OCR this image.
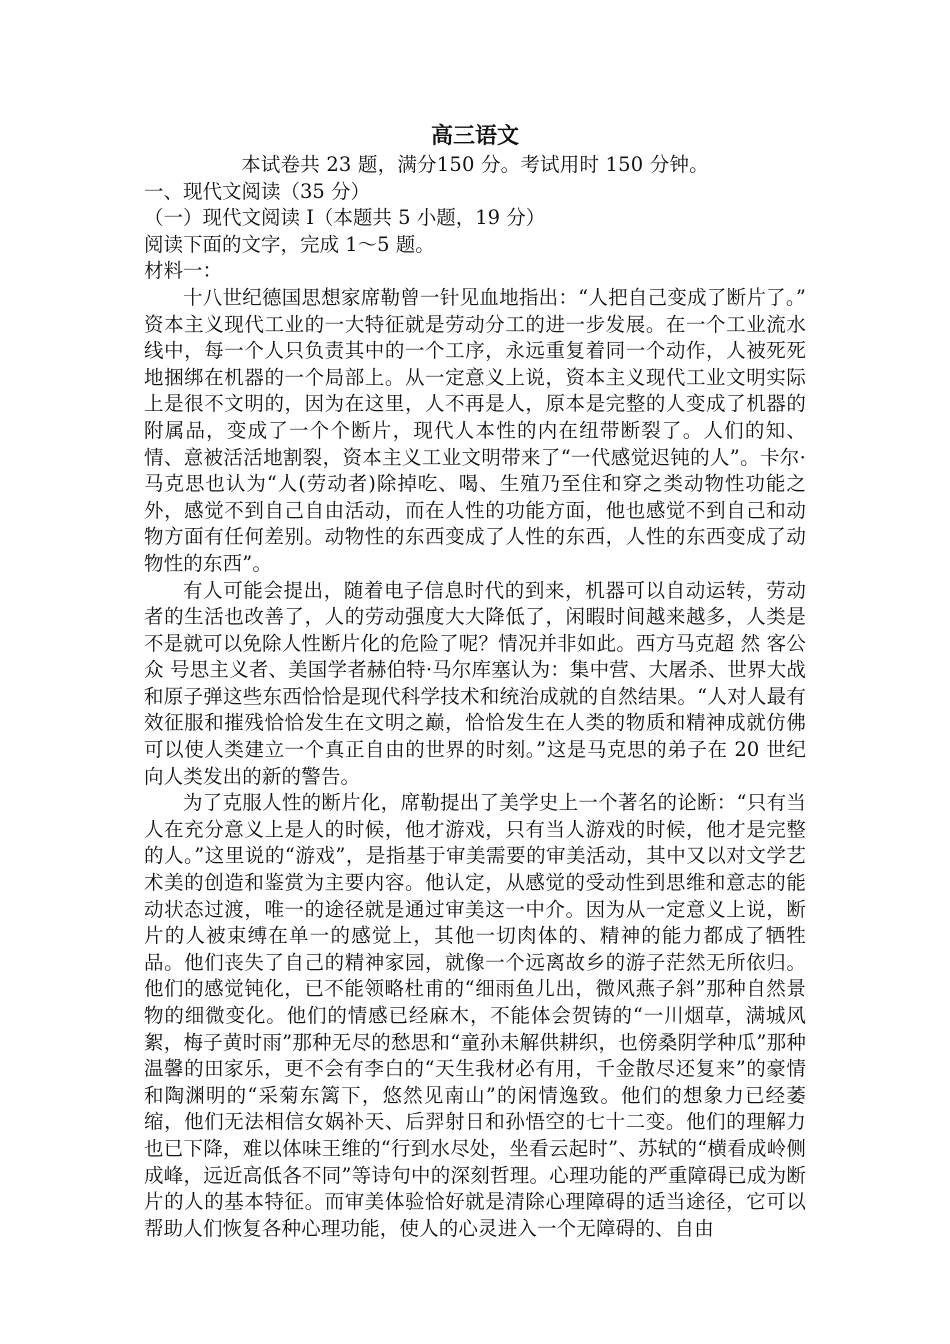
高三语文

本试卷共 23 题，满分150 分。考试用时 150 分钟。

一、现代文阅读（35 分）

（一）现代文阅读 I（本题共 5 小题，19 分）

阅读下面的文字，完成 1～5 题。

材料一：

十八世纪德国思想家席勒曾一针见血地指出：“人把自己变成了断片了。” 资本主义现代工业的一大特征就是劳动分工的进一步发展。在一个工业流水线中，每一个人只负责其中的一个工序，永远重复着同一个动作，人被死死地捆绑在机器的一个局部上。从一定意义上说，资本主义现代工业文明实际上是很不文明的，因为在这里，人不再是人，原本是完整的人变成了机器的附属品，变成了一个个断片，现代人本性的内在纽带断裂了。人们的知、情、意被活活地割裂，资本主义工业文明带来了“一代感觉迟钝的人”。卡尔·马克思也认为“人(劳动者)除掉吃、喝、生殖乃至住和穿之类动物性功能之外，感觉不到自己自由活动，而在人性的功能方面，他也感觉不到自己和动物方面有任何差别。动物性的东西变成了人性的东西，人性的东西变成了动物性的东西”。

有人可能会提出，随着电子信息时代的到来，机器可以自动运转，劳动者的生活也改善了，人的劳动强度大大降低了，闲暇时间越来越多，人类是不是就可以免除人性断片化的危险了呢？情况并非如此。西方马克超 然 客公 众 号思主义者、美国学者赫伯特·马尔库塞认为：集中营、大屠杀、世界大战和原子弹这些东西恰恰是现代科学技术和统治成就的自然结果。“人对人最有效征服和摧残恰恰发生在文明之巅，恰恰发生在人类的物质和精神成就仿佛可以使人类建立一个真正自由的世界的时刻。”这是马克思的弟子在 20 世纪向人类发出的新的警告。

为了克服人性的断片化，席勒提出了美学史上一个著名的论断：“只有当人在充分意义上是人的时候，他才游戏，只有当人游戏的时候，他才是完整的人。”这里说的“游戏”，是指基于审美需要的审美活动，其中又以对文学艺术美的创造和鉴赏为主要内容。他认定，从感觉的受动性到思维和意志的能动状态过渡，唯一的途径就是通过审美这一中介。因为从一定意义上说，断片的人被束缚在单一的感觉上，其他一切肉体的、精神的能力都成了牺牲品。他们丧失了自己的精神家园，就像一个远离故乡的游子茫然无所依归。他们的感觉钝化，已不能领略杜甫的“细雨鱼儿出，微风燕子斜”那种自然景物的细微变化。他们的情感已经麻木，不能体会贺铸的“一川烟草，满城风絮，梅子黄时雨”那种无尽的愁思和“童孙未解供耕织，也傍桑阴学种瓜”那种温馨的田家乐，更不会有李白的“天生我材必有用，千金散尽还复来”的豪情和陶渊明的“采菊东篱下，悠然见南山”的闲情逸致。他们的想象力已经萎缩，他们无法相信女娲补天、后羿射日和孙悟空的七十二变。他们的理解力也已下降，难以体味王维的“行到水尽处，坐看云起时”、苏轼的“横看成岭侧成峰，远近高低各不同”等诗句中的深刻哲理。心理功能的严重障碍已成为断片的人的基本特征。而审美体验恰好就是清除心理障碍的适当途径，它可以帮助人们恢复各种心理功能，使人的心灵进入一个无障碍的、自由
